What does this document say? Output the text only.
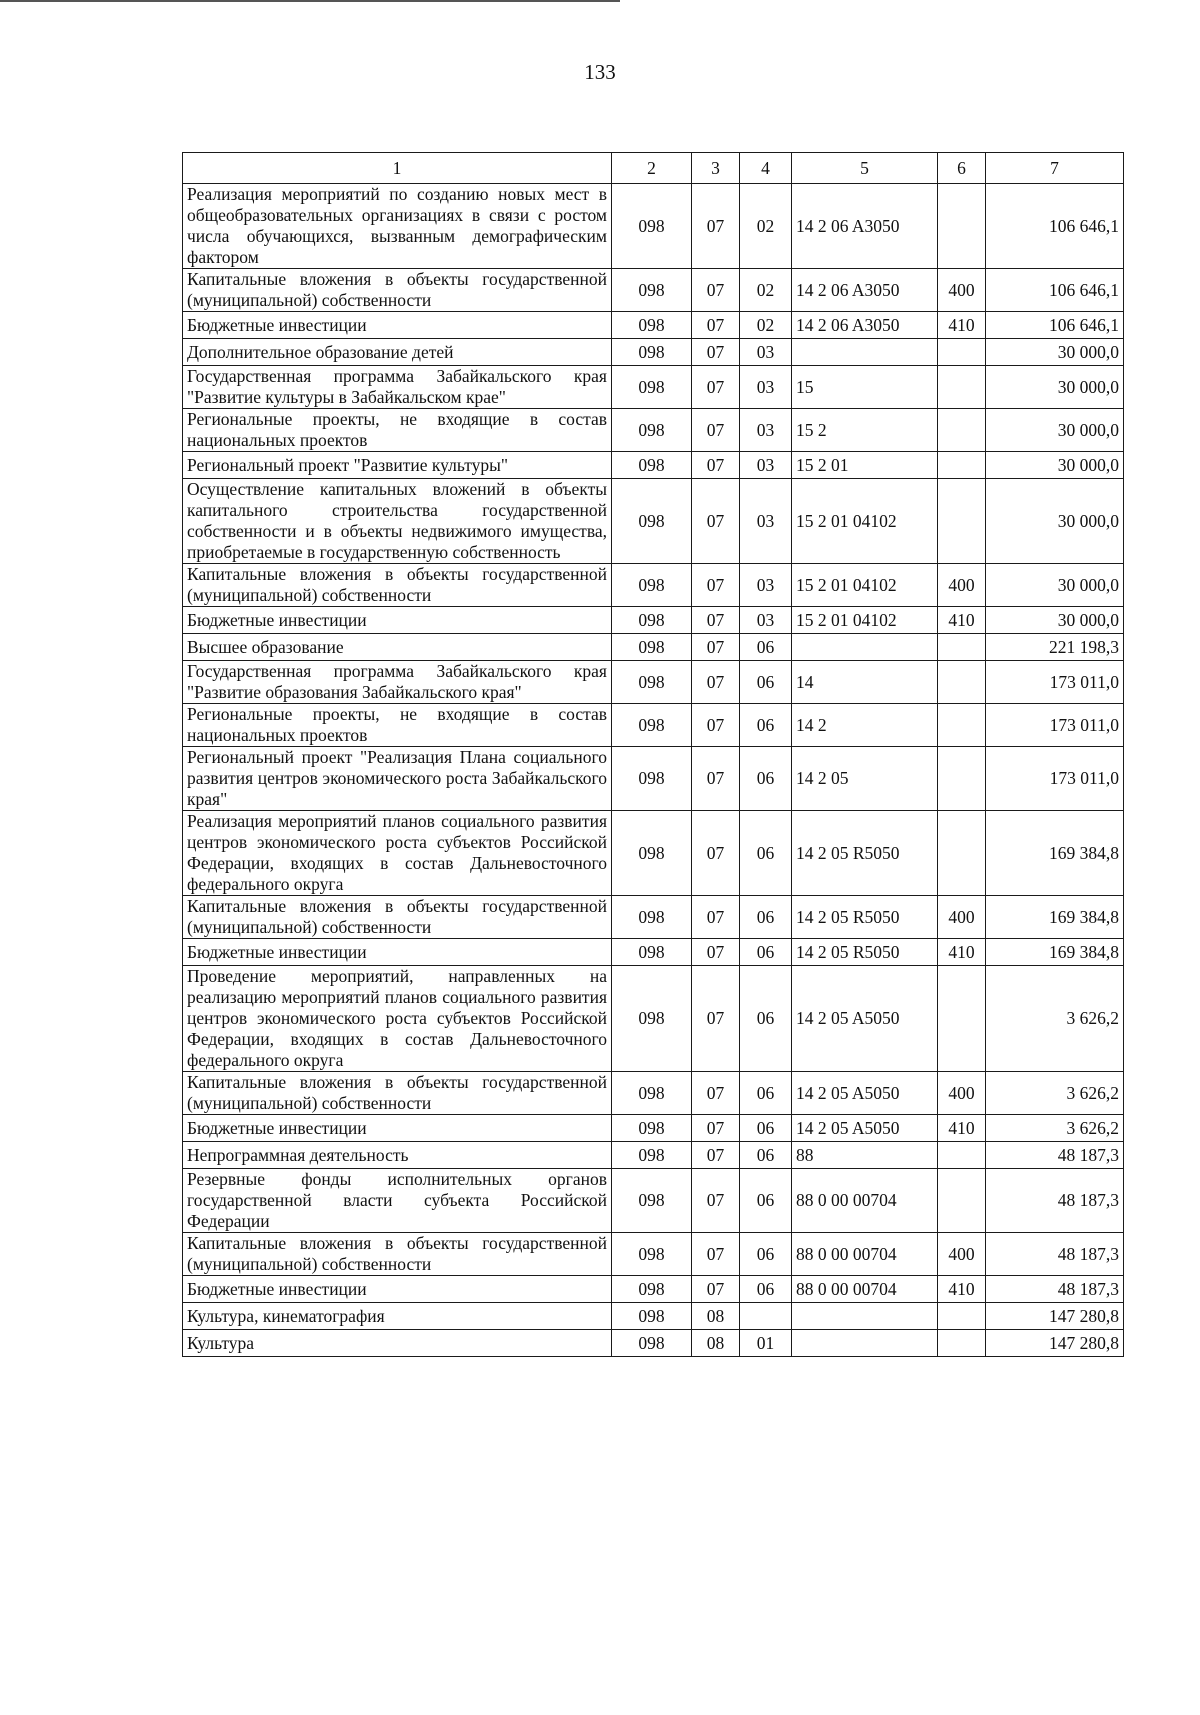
133
1	2	3	4	5	6	7
Реализация мероприятий по созданию новых мест в общеобразовательных организациях в связи с ростом числа обучающихся, вызванным демографическим фактором	098	07	02	14 2 06 A3050		106 646,1
Капитальные вложения в объекты государственной (муниципальной) собственности	098	07	02	14 2 06 A3050	400	106 646,1
Бюджетные инвестиции	098	07	02	14 2 06 A3050	410	106 646,1
Дополнительное образование детей	098	07	03			30 000,0
Государственная программа Забайкальского края "Развитие культуры в Забайкальском крае"	098	07	03	15		30 000,0
Региональные проекты, не входящие в состав национальных проектов	098	07	03	15 2		30 000,0
Региональный проект "Развитие культуры"	098	07	03	15 2 01		30 000,0
Осуществление капитальных вложений в объекты капитального строительства государственной собственности и в объекты недвижимого имущества, приобретаемые в государственную собственность	098	07	03	15 2 01 04102		30 000,0
Капитальные вложения в объекты государственной (муниципальной) собственности	098	07	03	15 2 01 04102	400	30 000,0
Бюджетные инвестиции	098	07	03	15 2 01 04102	410	30 000,0
Высшее образование	098	07	06			221 198,3
Государственная программа Забайкальского края "Развитие образования Забайкальского края"	098	07	06	14		173 011,0
Региональные проекты, не входящие в состав национальных проектов	098	07	06	14 2		173 011,0
Региональный проект "Реализация Плана социального развития центров экономического роста Забайкальского края"	098	07	06	14 2 05		173 011,0
Реализация мероприятий планов социального развития центров экономического роста субъектов Российской Федерации, входящих в состав Дальневосточного федерального округа	098	07	06	14 2 05 R5050		169 384,8
Капитальные вложения в объекты государственной (муниципальной) собственности	098	07	06	14 2 05 R5050	400	169 384,8
Бюджетные инвестиции	098	07	06	14 2 05 R5050	410	169 384,8
Проведение мероприятий, направленных на реализацию мероприятий планов социального развития центров экономического роста субъектов Российской Федерации, входящих в состав Дальневосточного федерального округа	098	07	06	14 2 05 A5050		3 626,2
Капитальные вложения в объекты государственной (муниципальной) собственности	098	07	06	14 2 05 A5050	400	3 626,2
Бюджетные инвестиции	098	07	06	14 2 05 A5050	410	3 626,2
Непрограммная деятельность	098	07	06	88		48 187,3
Резервные фонды исполнительных органов государственной власти субъекта Российской Федерации	098	07	06	88 0 00 00704		48 187,3
Капитальные вложения в объекты государственной (муниципальной) собственности	098	07	06	88 0 00 00704	400	48 187,3
Бюджетные инвестиции	098	07	06	88 0 00 00704	410	48 187,3
Культура, кинематография	098	08				147 280,8
Культура	098	08	01			147 280,8
